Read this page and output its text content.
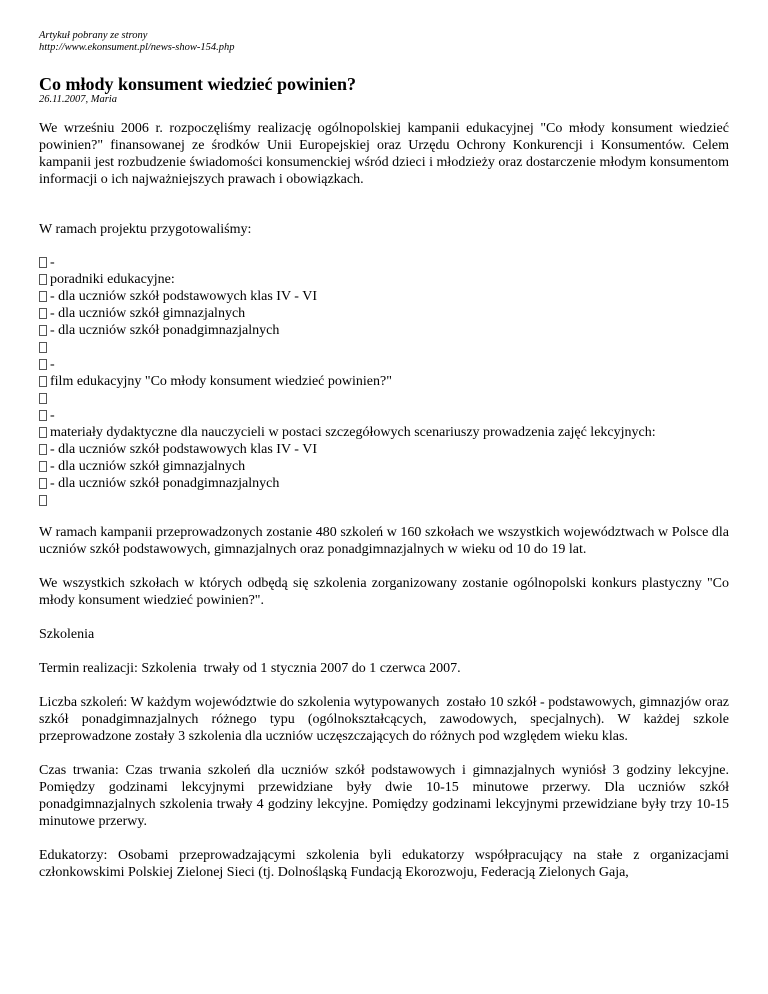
Artykuł pobrany ze strony
http://www.ekonsument.pl/news-show-154.php
Co młody konsument wiedzieć powinien?
26.11.2007, Maria
We wrześniu 2006 r. rozpoczęliśmy realizację ogólnopolskiej kampanii edukacyjnej "Co młody konsument wiedzieć powinien?" finansowanej ze środków Unii Europejskiej oraz Urzędu Ochrony Konkurencji i Konsumentów. Celem kampanii jest rozbudzenie świadomości konsumenckiej wśród dzieci i młodzieży oraz dostarczenie młodym konsumentom informacji o ich najważniejszych prawach i obowiązkach.
W ramach projektu przygotowaliśmy:
-
poradniki edukacyjne:
- dla uczniów szkół podstawowych klas IV - VI
- dla uczniów szkół gimnazjalnych
- dla uczniów szkół ponadgimnazjalnych
-
film edukacyjny "Co młody konsument wiedzieć powinien?"
-
materiały dydaktyczne dla nauczycieli w postaci szczegółowych scenariuszy prowadzenia zajęć lekcyjnych:
- dla uczniów szkół podstawowych klas IV - VI
- dla uczniów szkół gimnazjalnych
- dla uczniów szkół ponadgimnazjalnych
W ramach kampanii przeprowadzonych zostanie 480 szkoleń w 160 szkołach we wszystkich województwach w Polsce dla uczniów szkół podstawowych, gimnazjalnych oraz ponadgimnazjalnych w wieku od 10 do 19 lat.
We wszystkich szkołach w których odbędą się szkolenia zorganizowany zostanie ogólnopolski konkurs plastyczny "Co młody konsument wiedzieć powinien?".
Szkolenia
Termin realizacji: Szkolenia  trwały od 1 stycznia 2007 do 1 czerwca 2007.
Liczba szkoleń: W każdym województwie do szkolenia wytypowanych  zostało 10 szkół - podstawowych, gimnazjów oraz szkół ponadgimnazjalnych różnego typu (ogólnokształcących, zawodowych, specjalnych). W każdej szkole przeprowadzone zostały 3 szkolenia dla uczniów uczęszczających do różnych pod względem wieku klas.
Czas trwania: Czas trwania szkoleń dla uczniów szkół podstawowych i gimnazjalnych wyniósł 3 godziny lekcyjne. Pomiędzy godzinami lekcyjnymi przewidziane były dwie 10-15 minutowe przerwy. Dla uczniów szkół ponadgimnazjalnych szkolenia trwały 4 godziny lekcyjne. Pomiędzy godzinami lekcyjnymi przewidziane były trzy 10-15 minutowe przerwy.
Edukatorzy: Osobami przeprowadzającymi szkolenia byli edukatorzy współpracujący na stałe z organizacjami członkowskimi Polskiej Zielonej Sieci (tj. Dolnośląską Fundacją Ekorozwoju, Federacją Zielonych Gaja,
